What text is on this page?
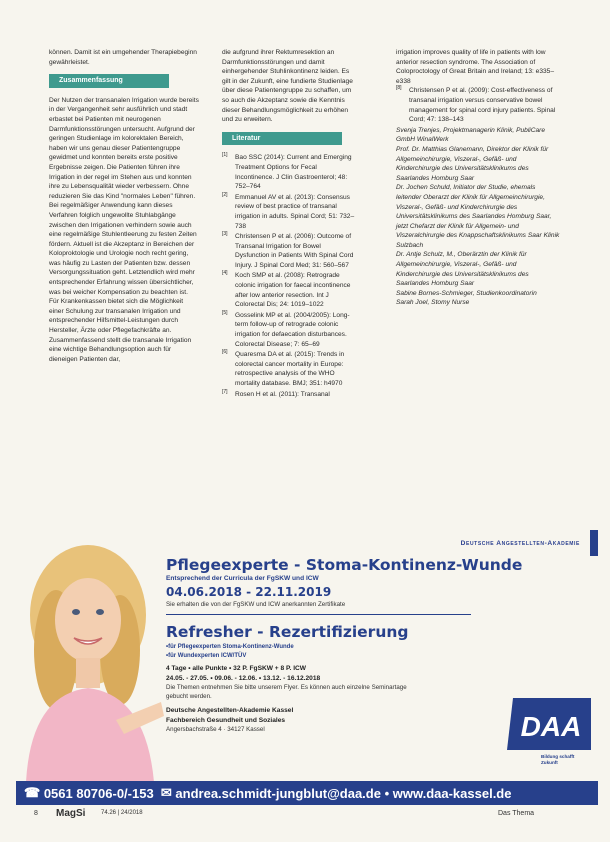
können. Damit ist ein umgehender Therapiebeginn gewährleistet.

Zusammenfassung

Der Nutzen der transanalen Irrigation wurde bereits in der Vergangenheit sehr ausführlich und stadt erbastet bei Patienten mit neurogenen Darmfunktionsstörungen untersucht. Aufgrund der geringen Studienlage im kolorektalen Bereich, haben wir uns genau dieser Patientengruppe gewidmet und konnten bereits erste positive Ergebnisse zeigen. Die Patienten führen ihre Irrigation in der regel im Stehen aus und konnten ihre zu Lebensqualität wieder verbessern. Ohne reduzieren Sie das Kind "normales Leben" führen. Bei regelmäßiger Anwendung kann dieses Verfahren folglich ungewollte Stuhlabgänge zwischen den Irrigationen verhindern sowie auch eine regelmäßige Stuhlentleerung zu festen Zeiten fördern. Aktuell ist die Akzeptanz in Bereichen der Koloproktologie und Urologie noch recht gering, was häufig zu Lasten der Patienten bzw. dessen Versorgungssituation geht. Letztendlich wird mehr entsprechender Erfahrung wissen übersichtlicher, was bei weicher Kompensation zu beachten ist. Für Krankenkassen bietet sich die Möglichkeit einer Schulung zur transanalen Irrigation und entsprechender Hilfsmittel-Leistungen durch Hersteller, Ärzte oder Pflegefachkräfte an. Zusammenfassend stellt die transanale Irrigation eine wichtige Behandlungsoption auch für dieneigen Patienten dar,

die aufgrund ihrer Rektumresektion an Darmfunktionsstörungen und damit einhergehender Stuhlinkontinenz leiden. Es gilt in der Zukunft, eine fundierte Studienlage über diese Patientengruppe zu schaffen, um so auch die Akzeptanz sowie die Kenntnis dieser Behandlungsmöglichkeit zu erhöhen und zu erweitern.

Literatur
[1] Bao SSC (2014): Current and Emerging Treatment Options for Fecal Incontinence. J Clin Gastroenterol; 48: 752–764
[2] Emmanuel AV et al. (2013): Consensus review of best practice of transanal irrigation in adults. Spinal Cord; 51: 732–738
[3] Christensen P et al. (2006): Outcome of Transanal Irrigation for Bowel Dysfunction in Patients With Spinal Cord Injury. J Spinal Cord Med; 31: 560–567
[4] Koch SMP et al. (2008): Retrograde colonic irrigation for faecal incontinence after low anterior resection. Int J Colorectal Dis; 24: 1019–1022
[5] Gosselink MP et al. (2004/2005): Long-term follow-up of retrograde colonic irrigation for defaecation disturbances. Colorectal Disease; 7: 65–69
[6] Quaresma DA et al. (2015): Trends in colorectal cancer mortality in Europe: retrospective analysis of the WHO mortality database. BMJ; 351: h4970
[7] Rosen H et al. (2011): Transanal

irrigation improves quality of life in patients with low anterior resection syndrome. The Association of Coloproctology of Great Britain and Ireland; 13: e335–e338

[8] Christensen P et al. (2009): Cost-effectiveness of transanal irrigation versus conservative bowel management for spinal cord injury patients. Spinal Cord; 47: 138–143

Svenja Trenjes, Projektmanagerin Klinik, PubliCare GmbH WinalWerk

Prof. Dr. Matthias Glanemann, Direktor der Klinik für Allgemeinchirurgie, Viszeral-, Gefäß- und Kinderchirurgie des Universitätsklinikums des Saarlandes Homburg Saar

Dr. Jochen Schuld, Initiator der Studie, ehemals leitender Oberarzt der Klinik für Allgemeinchirurgie, Viszeral-, Gefäß- und Kinderchirurgie des Universitätsklinikums des Saarlandes Homburg Saar, jetzt Chefarzt der Klinik für Allgemein- und Viszeralchirurgie des Knappschaftsklinikums Saar Klinik Sulzbach

Dr. Antje Schulz, M., Oberärztin der Klinik für Allgemeinchirurgie, Viszeral-, Gefäß- und Kinderchirurgie des Universitätsklinikums des Saarlandes Homburg Saar

Sabine Bornes-Schmieger, Studienkoordinatorin

Sarah Joel, Stomy Nurse

Deutsche Angestellten-Akademie

Pflegeexperte - Stoma-Kontinenz-Wunde

Entsprechend der Curricula der FgSKW und ICW

04.06.2018 - 22.11.2019

Sie erhalten die von der FgSKW und ICW anerkannten Zertifikate

Refresher - Rezertifizierung

• für Pflegeexperten Stoma-Kontinenz-Wunde
• für Wundexperten ICW/TÜV

4 Tage • alle Punkte • 32 P. FgSKW + 8 P. ICW

24.05. - 27.05. • 09.06. - 12.06. • 13.12. - 16.12.2018

Die Themen entnehmen Sie bitte unserem Flyer. Es können auch einzelne Seminartage gebucht werden.

Deutsche Angestellten-Akademie Kassel

Fachbereich Gesundheit und Soziales

Angersbachstraße 4 · 34127 Kassel	DAA
Bildung schafft Zukunft
☎ 0561 80706-0/-153 ✉ andrea.schmidt-jungblut@daa.de • www.daa-kassel.de
8 MagSi	74.26 | 24/2018	Das Thema
